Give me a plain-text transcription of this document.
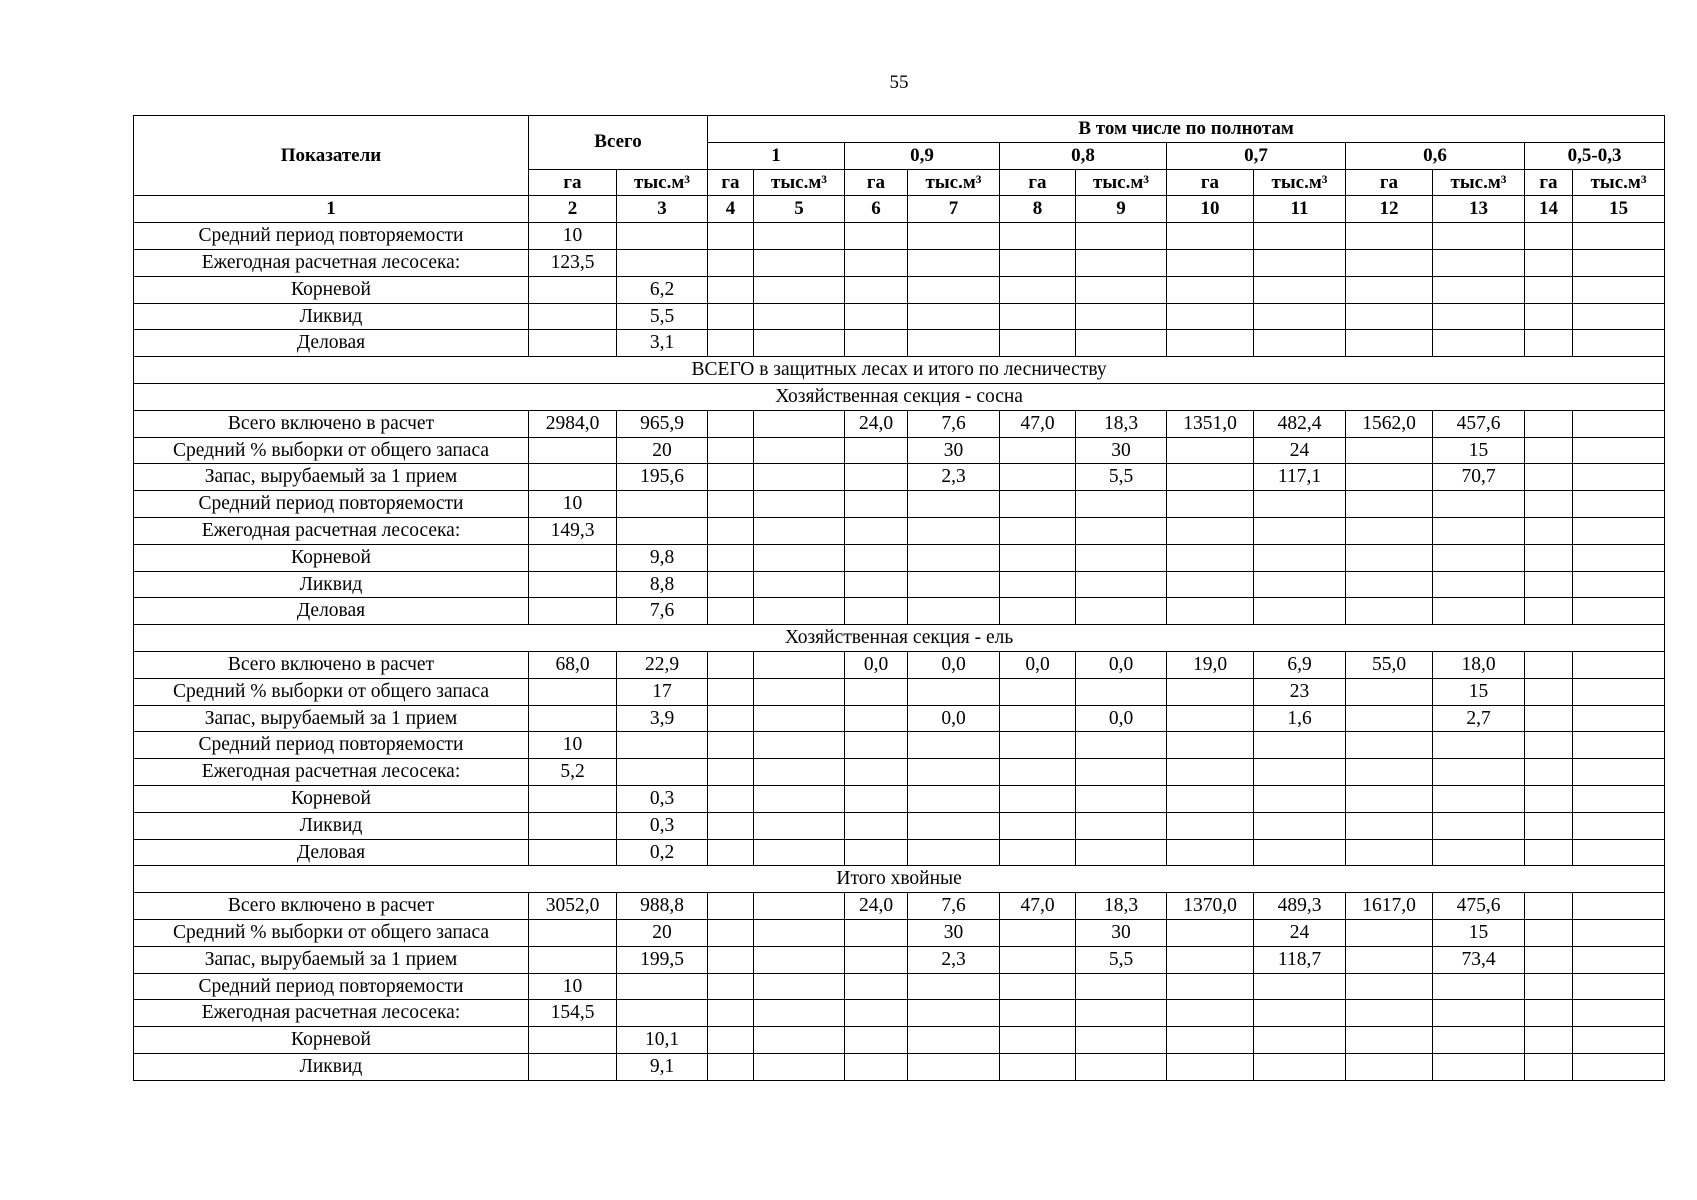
55
Показатели	Всего		В том числе по полнотам											
			1		0,9		0,8		0,7		0,6		0,5-0,3	
	га	тыс.м³	га	тыс.м³	га	тыс.м³	га	тыс.м³	га	тыс.м³	га	тыс.м³	га	тыс.м³
1	2	3	4	5	6	7	8	9	10	11	12	13	14	15
Средний период повторяемости	10													
Ежегодная расчетная лесосека:	123,5													
Корневой		6,2												
Ликвид		5,5												
Деловая		3,1												
ВСЕГО в защитных лесах и итого по лесничеству														
Хозяйственная секция - сосна														
Всего включено в расчет	2984,0	965,9			24,0	7,6	47,0	18,3	1351,0	482,4	1562,0	457,6		
Средний % выборки от общего запаса		20				30		30		24		15		
Запас, вырубаемый за 1 прием		195,6				2,3		5,5		117,1		70,7		
Средний период повторяемости	10													
Ежегодная расчетная лесосека:	149,3													
Корневой		9,8												
Ликвид		8,8												
Деловая		7,6												
Хозяйственная секция - ель														
Всего включено в расчет	68,0	22,9			0,0	0,0	0,0	0,0	19,0	6,9	55,0	18,0		
Средний % выборки от общего запаса		17								23		15		
Запас, вырубаемый за 1 прием		3,9				0,0		0,0		1,6		2,7		
Средний период повторяемости	10													
Ежегодная расчетная лесосека:	5,2													
Корневой		0,3												
Ликвид		0,3												
Деловая		0,2												
Итого хвойные														
Всего включено в расчет	3052,0	988,8			24,0	7,6	47,0	18,3	1370,0	489,3	1617,0	475,6		
Средний % выборки от общего запаса		20				30		30		24		15		
Запас, вырубаемый за 1 прием		199,5				2,3		5,5		118,7		73,4		
Средний период повторяемости	10													
Ежегодная расчетная лесосека:	154,5													
Корневой		10,1												
Ликвид		9,1												
